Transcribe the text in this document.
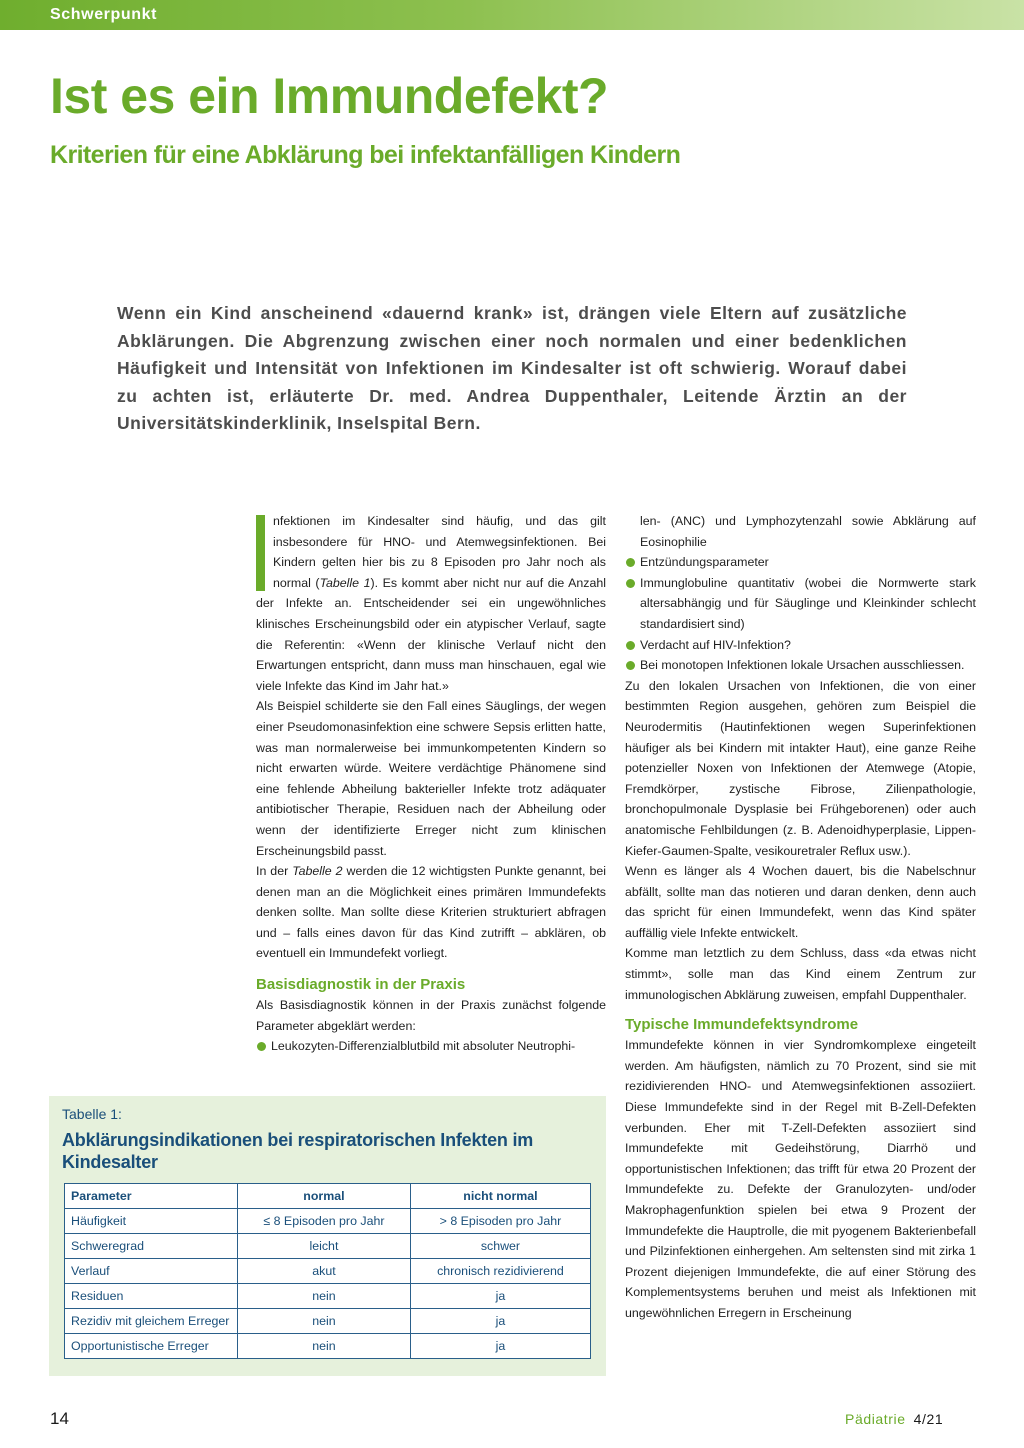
Schwerpunkt
Ist es ein Immundefekt?
Kriterien für eine Abklärung bei infektanfälligen Kindern

Wenn ein Kind anscheinend «dauernd krank» ist, drängen viele Eltern auf zusätzliche Abklärungen. Die Abgrenzung zwischen einer noch normalen und einer bedenklichen Häufigkeit und Intensität von Infektionen im Kindesalter ist oft schwierig. Worauf dabei zu achten ist, erläuterte Dr. med. Andrea Duppenthaler, Leitende Ärztin an der Universitätskinderklinik, Inselspital Bern.

nfektionen im Kindesalter sind häufig, und das gilt insbesondere für HNO- und Atemwegsinfektionen. Bei Kindern gelten hier bis zu 8 Episoden pro Jahr noch als normal (Tabelle 1). Es kommt aber nicht nur auf die Anzahl der Infekte an. Entscheidender sei ein ungewöhnliches klinisches Erscheinungsbild oder ein atypischer Verlauf, sagte die Referentin: «Wenn der klinische Verlauf nicht den Erwartungen entspricht, dann muss man hinschauen, egal wie viele Infekte das Kind im Jahr hat.»

Als Beispiel schilderte sie den Fall eines Säuglings, der wegen einer Pseudomonasinfektion eine schwere Sepsis erlitten hatte, was man normalerweise bei immunkompetenten Kindern so nicht erwarten würde. Weitere verdächtige Phänomene sind eine fehlende Abheilung bakterieller Infekte trotz adäquater antibiotischer Therapie, Residuen nach der Abheilung oder wenn der identifizierte Erreger nicht zum klinischen Erscheinungsbild passt.

In der Tabelle 2 werden die 12 wichtigsten Punkte genannt, bei denen man an die Möglichkeit eines primären Immundefekts denken sollte. Man sollte diese Kriterien strukturiert abfragen und – falls eines davon für das Kind zutrifft – abklären, ob eventuell ein Immundefekt vorliegt.

Basisdiagnostik in der Praxis

Als Basisdiagnostik können in der Praxis zunächst folgende Parameter abgeklärt werden:

Leukozyten-Differenzialblutbild mit absoluter Neutrophi-

len- (ANC) und Lymphozytenzahl sowie Abklärung auf Eosinophilie

Entzündungsparameter
Immunglobuline quantitativ (wobei die Normwerte stark altersabhängig und für Säuglinge und Kleinkinder schlecht standardisiert sind)
Verdacht auf HIV-Infektion?
Bei monotopen Infektionen lokale Ursachen ausschliessen.

Zu den lokalen Ursachen von Infektionen, die von einer bestimmten Region ausgehen, gehören zum Beispiel die Neurodermitis (Hautinfektionen wegen Superinfektionen häufiger als bei Kindern mit intakter Haut), eine ganze Reihe potenzieller Noxen von Infektionen der Atemwege (Atopie, Fremdkörper, zystische Fibrose, Zilienpathologie, bronchopulmonale Dysplasie bei Frühgeborenen) oder auch anatomische Fehlbildungen (z. B. Adenoidhyperplasie, Lippen-Kiefer-Gaumen-Spalte, vesikouretraler Reflux usw.).

Wenn es länger als 4 Wochen dauert, bis die Nabelschnur abfällt, sollte man das notieren und daran denken, denn auch das spricht für einen Immundefekt, wenn das Kind später auffällig viele Infekte entwickelt.

Komme man letztlich zu dem Schluss, dass «da etwas nicht stimmt», solle man das Kind einem Zentrum zur immunologischen Abklärung zuweisen, empfahl Duppenthaler.

Typische Immundefektsyndrome

Immundefekte können in vier Syndromkomplexe eingeteilt werden. Am häufigsten, nämlich zu 70 Prozent, sind sie mit rezidivierenden HNO- und Atemwegsinfektionen assoziiert. Diese Immundefekte sind in der Regel mit B-Zell-Defekten verbunden. Eher mit T-Zell-Defekten assoziiert sind Immundefekte mit Gedeihstörung, Diarrhö und opportunistischen Infektionen; das trifft für etwa 20 Prozent der Immundefekte zu. Defekte der Granulozyten- und/oder Makrophagenfunktion spielen bei etwa 9 Prozent der Immundefekte die Hauptrolle, die mit pyogenem Bakterienbefall und Pilzinfektionen einhergehen. Am seltensten sind mit zirka 1 Prozent diejenigen Immundefekte, die auf einer Störung des Komplementsystems beruhen und meist als Infektionen mit ungewöhnlichen Erregern in Erscheinung

Tabelle 1:

Abklärungsindikationen bei respiratorischen Infekten im Kindesalter

Parameter	normal	nicht normal
Häufigkeit	≤ 8 Episoden pro Jahr	> 8 Episoden pro Jahr
Schweregrad	leicht	schwer
Verlauf	akut	chronisch rezidivierend
Residuen	nein	ja
Rezidiv mit gleichem Erreger	nein	ja
Opportunistische Erreger	nein	ja
14	Pädiatrie 4/21
